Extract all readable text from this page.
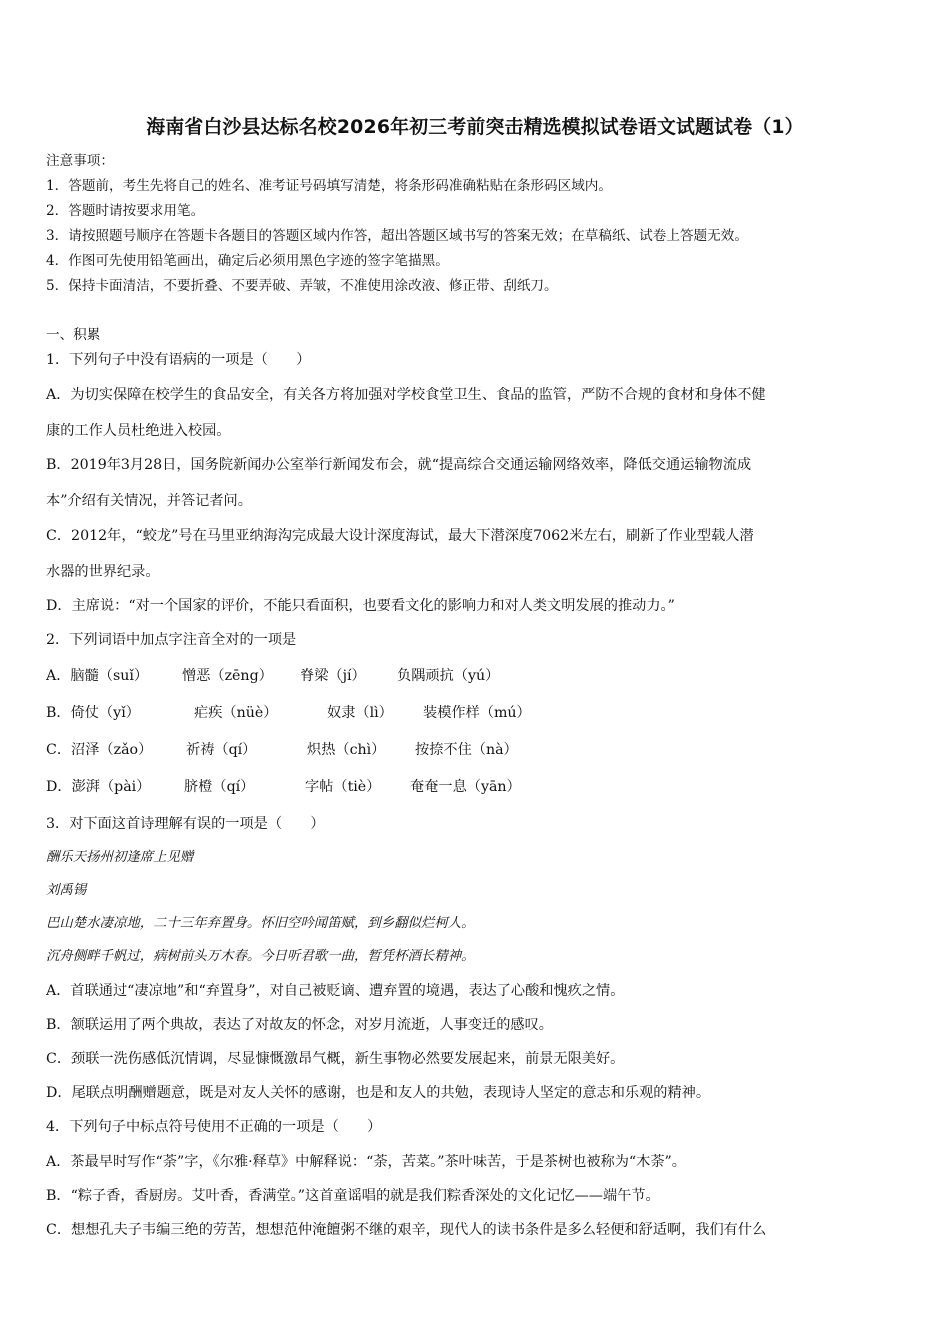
海南省白沙县达标名校2026年初三考前突击精选模拟试卷语文试题试卷（1）
注意事项：
1．答题前，考生先将自己的姓名、准考证号码填写清楚，将条形码准确粘贴在条形码区域内。
2．答题时请按要求用笔。
3．请按照题号顺序在答题卡各题目的答题区域内作答，超出答题区域书写的答案无效；在草稿纸、试卷上答题无效。
4．作图可先使用铅笔画出，确定后必须用黑色字迹的签字笔描黑。
5．保持卡面清洁，不要折叠、不要弄破、弄皱，不准使用涂改液、修正带、刮纸刀。
一、积累
1．下列句子中没有语病的一项是（　　）
A．为切实保障在校学生的食品安全，有关各方将加强对学校食堂卫生、食品的监管，严防不合规的食材和身体不健
康的工作人员杜绝进入校园。
B．2019年3月28日，国务院新闻办公室举行新闻发布会，就“提高综合交通运输网络效率，降低交通运输物流成
本”介绍有关情况，并答记者问。
C．2012年，“蛟龙”号在马里亚纳海沟完成最大设计深度海试，最大下潜深度7062米左右，刷新了作业型载人潜
水器的世界纪录。
D．主席说：“对一个国家的评价，不能只看面积，也要看文化的影响力和对人类文明发展的推动力。”
2．下列词语中加点字注音全对的一项是
A．脑髓（suǐ） 憎恶（zēng） 脊梁（jí） 负隅顽抗（yú）
B．倚仗（yǐ）	疟疾（nüè）	奴隶（lì） 装模作样（mú）
C．沼泽（zǎo） 祈祷（qí）	炽热（chì） 按捺不住（nà）
D．澎湃（pài） 脐橙（qí）	字帖（tiè） 奄奄一息（yān）
3．对下面这首诗理解有误的一项是（　　）
酬乐天扬州初逢席上见赠
刘禹锡
巴山楚水凄凉地，二十三年弃置身。怀旧空吟闻笛赋，到乡翻似烂柯人。
沉舟侧畔千帆过，病树前头万木春。今日听君歌一曲，暂凭杯酒长精神。
A．首联通过“凄凉地”和“弃置身”，对自己被贬谪、遭弃置的境遇，表达了心酸和愧疚之情。
B．颔联运用了两个典故，表达了对故友的怀念，对岁月流逝，人事变迁的感叹。
C．颈联一洗伤感低沉情调，尽显慷慨激昂气概，新生事物必然要发展起来，前景无限美好。
D．尾联点明酬赠题意，既是对友人关怀的感谢，也是和友人的共勉，表现诗人坚定的意志和乐观的精神。
4．下列句子中标点符号使用不正确的一项是（　　）
A．茶最早时写作“荼”字，《尔雅·释草》中解释说：“荼，苦菜。”茶叶味苦，于是茶树也被称为“木荼”。
B．“粽子香，香厨房。艾叶香，香满堂。”这首童谣唱的就是我们粽香深处的文化记忆——端午节。
C．想想孔夫子韦编三绝的劳苦，想想范仲淹饘粥不继的艰辛，现代人的读书条件是多么轻便和舒适啊，我们有什么
